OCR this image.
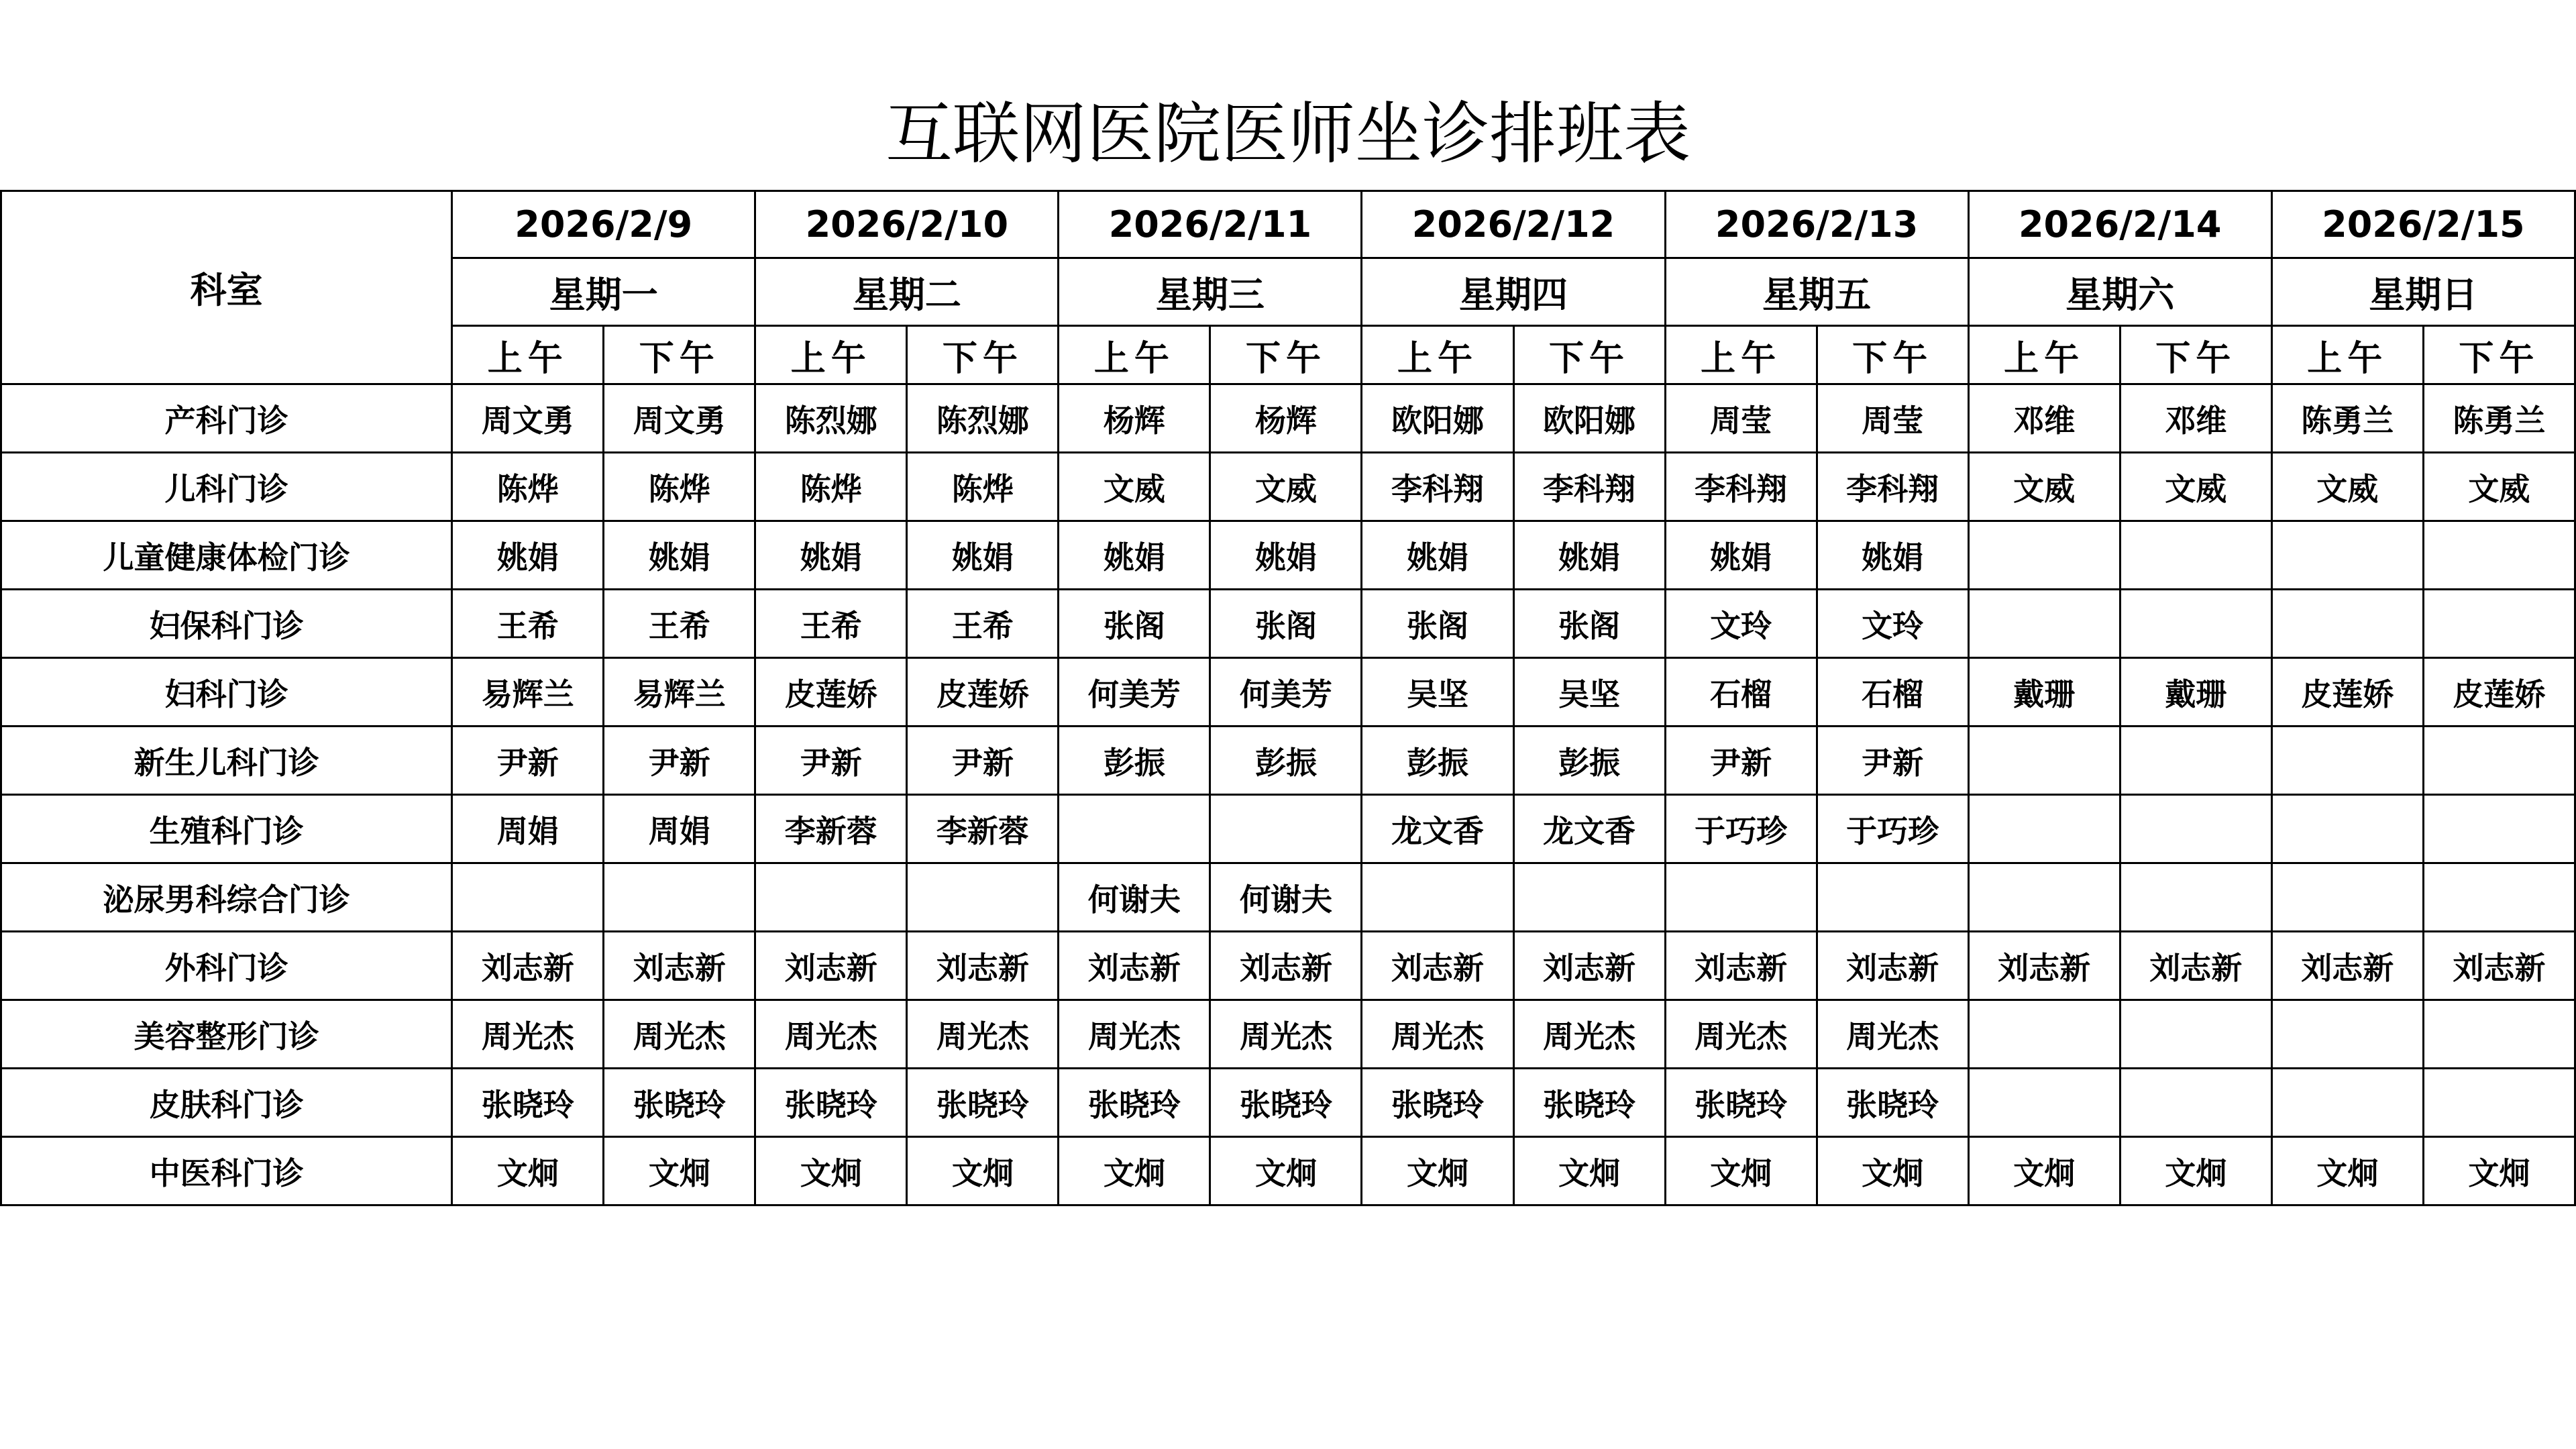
互联网医院医师坐诊排班表
科室	2026/2/9		2026/2/10		2026/2/11		2026/2/12		2026/2/13		2026/2/14		2026/2/15	
	星期一		星期二		星期三		星期四		星期五		星期六		星期日	
	上午	下午	上午	下午	上午	下午	上午	下午	上午	下午	上午	下午	上午	下午
产科门诊	周文勇	周文勇	陈烈娜	陈烈娜	杨辉	杨辉	欧阳娜	欧阳娜	周莹	周莹	邓维	邓维	陈勇兰	陈勇兰
儿科门诊	陈烨	陈烨	陈烨	陈烨	文威	文威	李科翔	李科翔	李科翔	李科翔	文威	文威	文威	文威
儿童健康体检门诊	姚娟	姚娟	姚娟	姚娟	姚娟	姚娟	姚娟	姚娟	姚娟	姚娟				
妇保科门诊	王希	王希	王希	王希	张阁	张阁	张阁	张阁	文玲	文玲				
妇科门诊	易辉兰	易辉兰	皮莲娇	皮莲娇	何美芳	何美芳	吴坚	吴坚	石榴	石榴	戴珊	戴珊	皮莲娇	皮莲娇
新生儿科门诊	尹新	尹新	尹新	尹新	彭振	彭振	彭振	彭振	尹新	尹新				
生殖科门诊	周娟	周娟	李新蓉	李新蓉			龙文香	龙文香	于巧珍	于巧珍				
泌尿男科综合门诊					何谢夫	何谢夫								
外科门诊	刘志新	刘志新	刘志新	刘志新	刘志新	刘志新	刘志新	刘志新	刘志新	刘志新	刘志新	刘志新	刘志新	刘志新
美容整形门诊	周光杰	周光杰	周光杰	周光杰	周光杰	周光杰	周光杰	周光杰	周光杰	周光杰				
皮肤科门诊	张晓玲	张晓玲	张晓玲	张晓玲	张晓玲	张晓玲	张晓玲	张晓玲	张晓玲	张晓玲				
中医科门诊	文炯	文炯	文炯	文炯	文炯	文炯	文炯	文炯	文炯	文炯	文炯	文炯	文炯	文炯
